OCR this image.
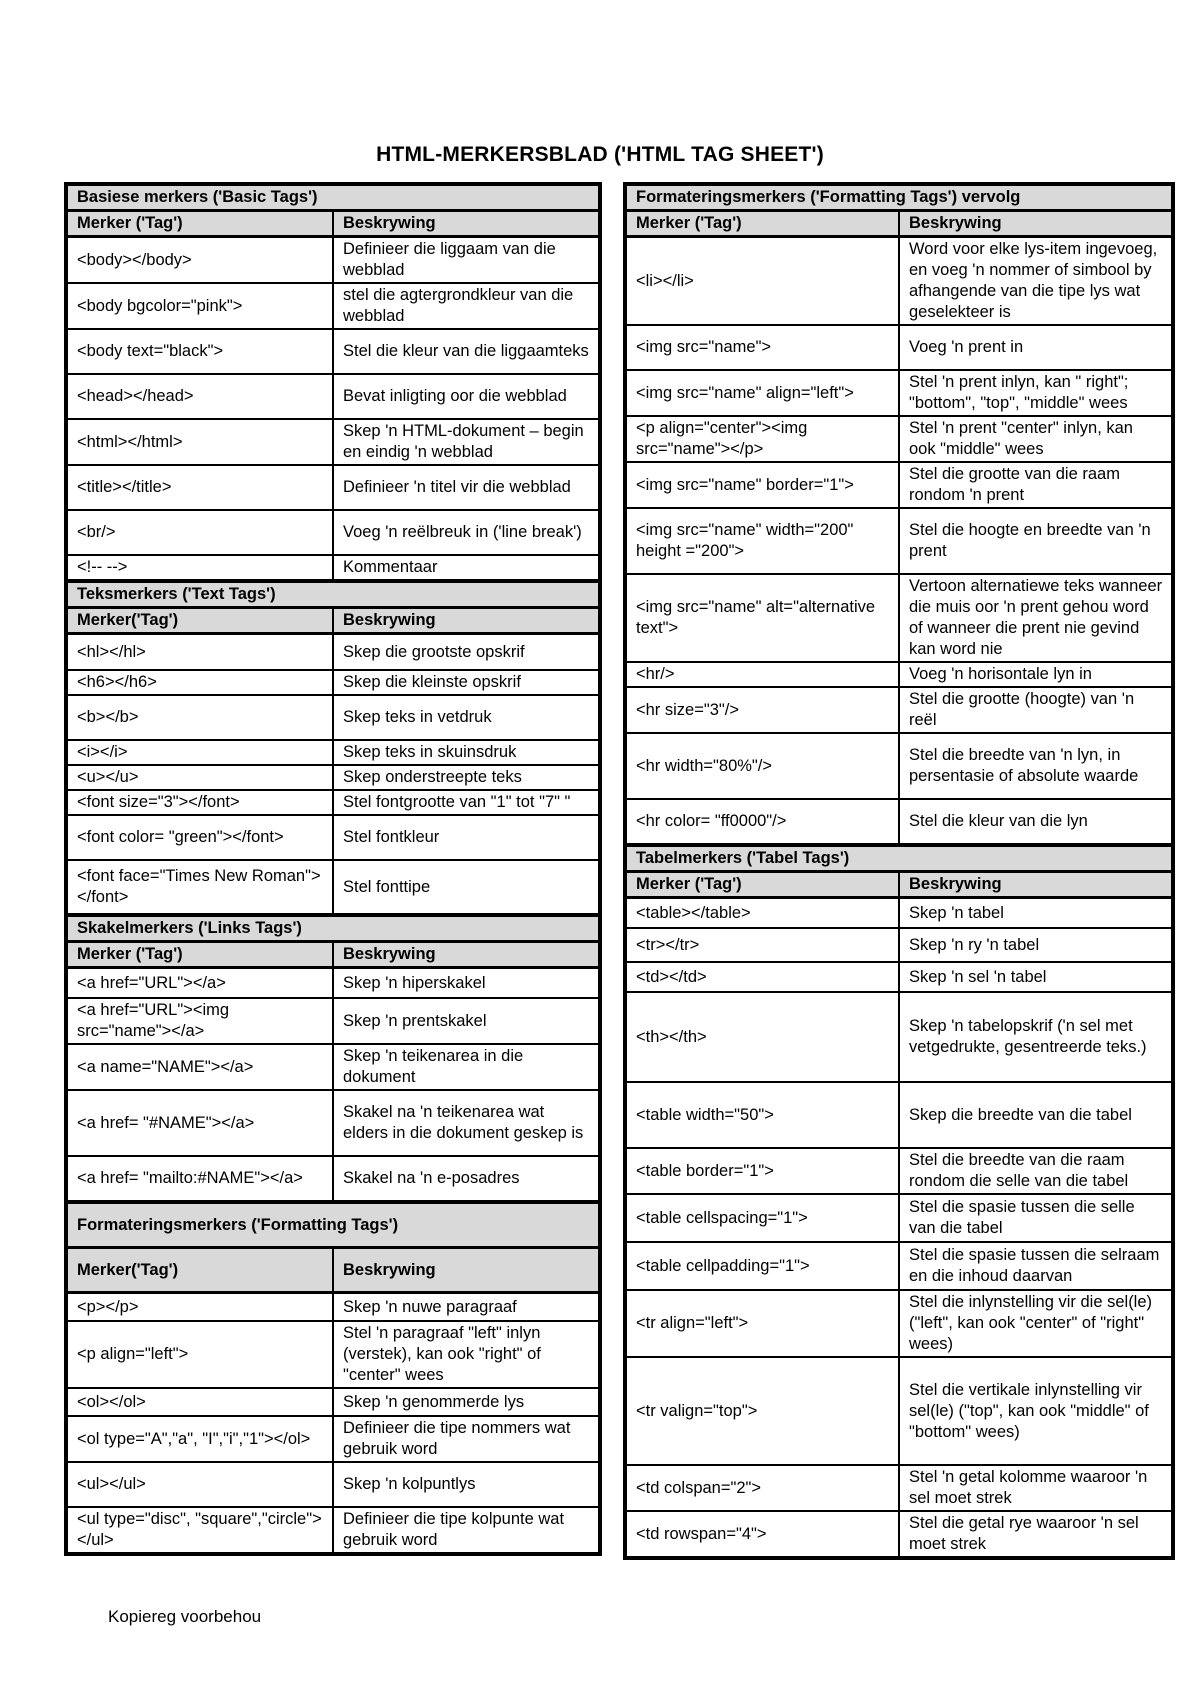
HTML-MERKERSBLAD ('HTML TAG SHEET')
Basiese merkers ('Basic Tags')	
Merker ('Tag')	Beskrywing
<body></body>	Definieer die liggaam van die webblad
<body bgcolor="pink">	stel die agtergrondkleur van die webblad
<body text="black">	Stel die kleur van die liggaamteks
<head></head>	Bevat inligting oor die webblad
<html></html>	Skep 'n HTML-dokument – begin en eindig 'n webblad
<title></title>	Definieer 'n titel vir die webblad
<br/>	Voeg 'n reëlbreuk in ('line break')
<!-- -->	Kommentaar
Teksmerkers ('Text Tags')	
Merker('Tag')	Beskrywing
<hl></hl>	Skep die grootste opskrif
<h6></h6>	Skep die kleinste opskrif
<b></b>	Skep teks in vetdruk
<i></i>	Skep teks in skuinsdruk
<u></u>	Skep onderstreepte teks
<font size="3"></font>	Stel fontgrootte van "1" tot "7" "
<font color= "green"></font>	Stel fontkleur
<font face="Times New Roman"></font>	Stel fonttipe
Skakelmerkers ('Links Tags')	
Merker ('Tag')	Beskrywing
<a href="URL"></a>	Skep 'n hiperskakel
<a href="URL"><img src="name"></a>	Skep 'n prentskakel
<a name="NAME"></a>	Skep 'n teikenarea in die dokument
<a href= "#NAME"></a>	Skakel na 'n teikenarea wat elders in die dokument geskep is
<a href= "mailto:#NAME"></a>	Skakel na 'n e-posadres
Formateringsmerkers ('Formatting Tags')	
Merker('Tag')	Beskrywing
<p></p>	Skep 'n nuwe paragraaf
<p align="left">	Stel 'n paragraaf "left" inlyn (verstek), kan ook "right" of "center" wees
<ol></ol>	Skep 'n genommerde lys
<ol type="A","a", "I","i","1"></ol>	Definieer die tipe nommers wat gebruik word
<ul></ul>	Skep 'n kolpuntlys
<ul type="disc", "square","circle"> </ul>	Definieer die tipe kolpunte wat gebruik word
Formateringsmerkers ('Formatting Tags') vervolg	
Merker ('Tag')	Beskrywing
<li></li>	Word voor elke lys-item ingevoeg, en voeg 'n nommer of simbool by afhangende van die tipe lys wat geselekteer is
<img src="name">	Voeg 'n prent in
<img src="name" align="left">	Stel 'n prent inlyn, kan " right"; "bottom", "top", "middle" wees
<p align="center"><img src="name"></p>	Stel 'n prent "center" inlyn, kan ook "middle" wees
<img src="name" border="1">	Stel die grootte van die raam rondom 'n prent
<img src="name" width="200" height ="200">	Stel die hoogte en breedte van 'n prent
<img src="name" alt="alternative text">	Vertoon alternatiewe teks wanneer die muis oor 'n prent gehou word of wanneer die prent nie gevind kan word nie
<hr/>	Voeg 'n horisontale lyn in
<hr size="3"/>	Stel die grootte (hoogte) van 'n reël
<hr width="80%"/>	Stel die breedte van 'n lyn, in persentasie of absolute waarde
<hr color= "ff0000"/>	Stel die kleur van die lyn
Tabelmerkers ('Tabel Tags')	
Merker ('Tag')	Beskrywing
<table></table>	Skep 'n tabel
<tr></tr>	Skep 'n ry 'n tabel
<td></td>	Skep 'n sel 'n tabel
<th></th>	Skep 'n tabelopskrif ('n sel met vetgedrukte, gesentreerde teks.)
<table width="50">	Skep die breedte van die tabel
<table border="1">	Stel die breedte van die raam rondom die selle van die tabel
<table cellspacing="1">	Stel die spasie tussen die selle van die tabel
<table cellpadding="1">	Stel die spasie tussen die selraam en die inhoud daarvan
<tr align="left">	Stel die inlynstelling vir die sel(le) ("left", kan ook "center" of "right" wees)
<tr valign="top">	Stel die vertikale inlynstelling vir sel(le) ("top", kan ook "middle" of "bottom" wees)
<td colspan="2">	Stel 'n getal kolomme waaroor 'n sel moet strek
<td rowspan="4">	Stel die getal rye waaroor 'n sel moet strek
Kopiereg voorbehou
